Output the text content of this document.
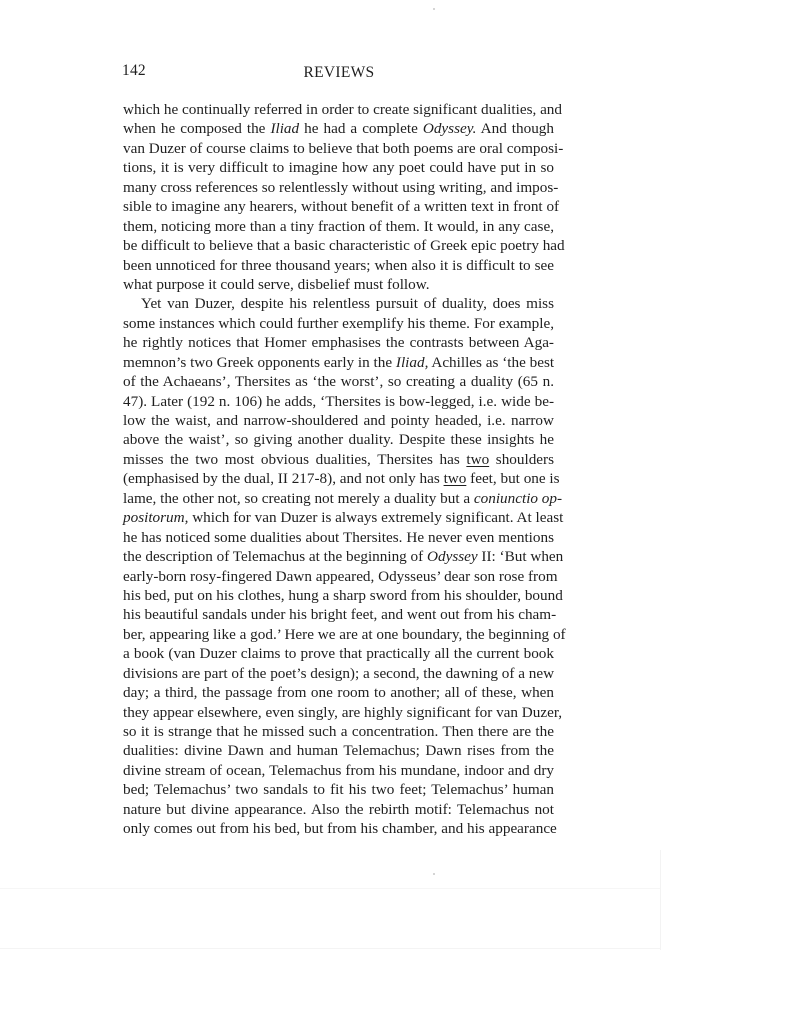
142	REVIEWS
which he continually referred in order to create significant dualities, and
when he composed the Iliad he had a complete Odyssey. And though
van Duzer of course claims to believe that both poems are oral composi-
tions, it is very difficult to imagine how any poet could have put in so
many cross references so relentlessly without using writing, and impos-
sible to imagine any hearers, without benefit of a written text in front of
them, noticing more than a tiny fraction of them. It would, in any case,
be difficult to believe that a basic characteristic of Greek epic poetry had
been unnoticed for three thousand years; when also it is difficult to see
what purpose it could serve, disbelief must follow.
Yet van Duzer, despite his relentless pursuit of duality, does miss
some instances which could further exemplify his theme. For example,
he rightly notices that Homer emphasises the contrasts between Aga-
memnon’s two Greek opponents early in the Iliad, Achilles as ‘the best
of the Achaeans’, Thersites as ‘the worst’, so creating a duality (65 n.
47). Later (192 n. 106) he adds, ‘Thersites is bow-legged, i.e. wide be-
low the waist, and narrow-shouldered and pointy headed, i.e. narrow
above the waist’, so giving another duality. Despite these insights he
misses the two most obvious dualities, Thersites has two shoulders
(emphasised by the dual, II 217-8), and not only has two feet, but one is
lame, the other not, so creating not merely a duality but a coniunctio op-
positorum, which for van Duzer is always extremely significant. At least
he has noticed some dualities about Thersites. He never even mentions
the description of Telemachus at the beginning of Odyssey II: ‘But when
early-born rosy-fingered Dawn appeared, Odysseus’ dear son rose from
his bed, put on his clothes, hung a sharp sword from his shoulder, bound
his beautiful sandals under his bright feet, and went out from his cham-
ber, appearing like a god.’ Here we are at one boundary, the beginning of
a book (van Duzer claims to prove that practically all the current book
divisions are part of the poet’s design); a second, the dawning of a new
day; a third, the passage from one room to another; all of these, when
they appear elsewhere, even singly, are highly significant for van Duzer,
so it is strange that he missed such a concentration. Then there are the
dualities: divine Dawn and human Telemachus; Dawn rises from the
divine stream of ocean, Telemachus from his mundane, indoor and dry
bed; Telemachus’ two sandals to fit his two feet; Telemachus’ human
nature but divine appearance. Also the rebirth motif: Telemachus not
only comes out from his bed, but from his chamber, and his appearance
